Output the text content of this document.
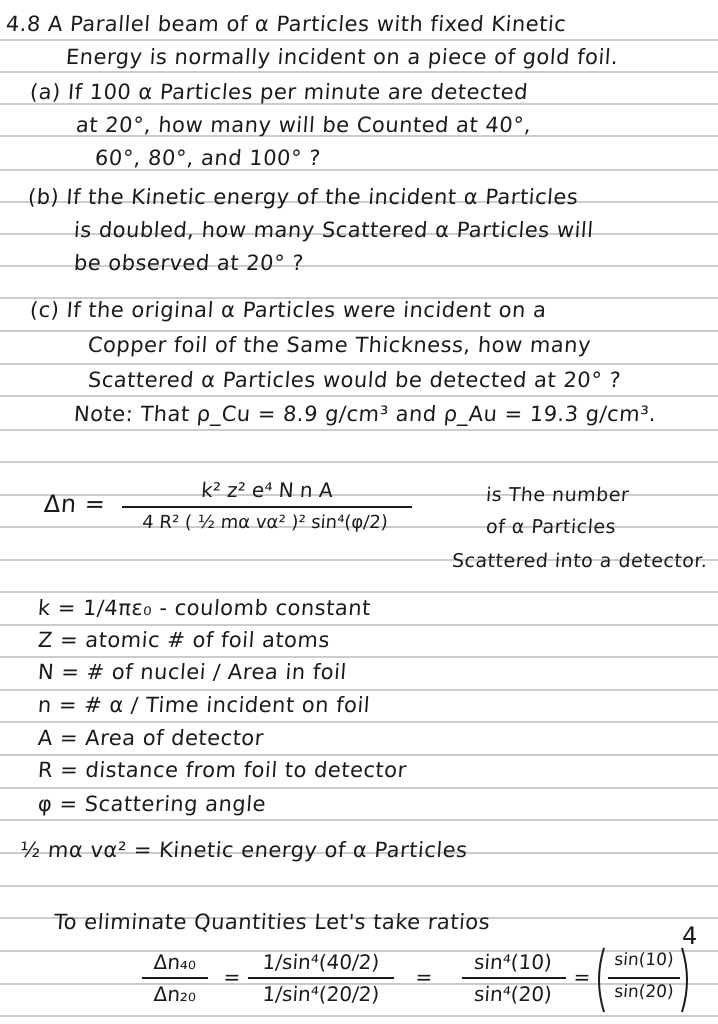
4.8 A Parallel beam of α Particles with fixed Kinetic
Energy is normally incident on a piece of gold foil.
(a) If 100 α Particles per minute are detected
at 20°, how many will be Counted at 40°,
60°, 80°, and 100° ?
(b) If the Kinetic energy of the incident α Particles
is doubled, how many Scattered α Particles will
be observed at 20° ?
(c) If the original α Particles were incident on a
Copper foil of the Same Thickness, how many
Scattered α Particles would be detected at 20° ?
Note: That ρ_Cu = 8.9 g/cm³ and ρ_Au = 19.3 g/cm³.
Δn =	k² z² e⁴ N n A
4 R² ( ½ mα vα² )² sin⁴(φ/2)
is The number
of α Particles
Scattered into a detector.
k = 1/4πε₀ - coulomb constant
Z = atomic # of foil atoms
N = # of nuclei / Area in foil
n = # α / Time incident on foil
A = Area of detector
R = distance from foil to detector
φ = Scattering angle
½ mα vα² = Kinetic energy of α Particles
To eliminate Quantities Let's take ratios	4
Δn₄₀
Δn₂₀
=
1/sin⁴(40/2)
1/sin⁴(20/2)
=
sin⁴(10)
sin⁴(20)
=
sin(10)
sin(20)
